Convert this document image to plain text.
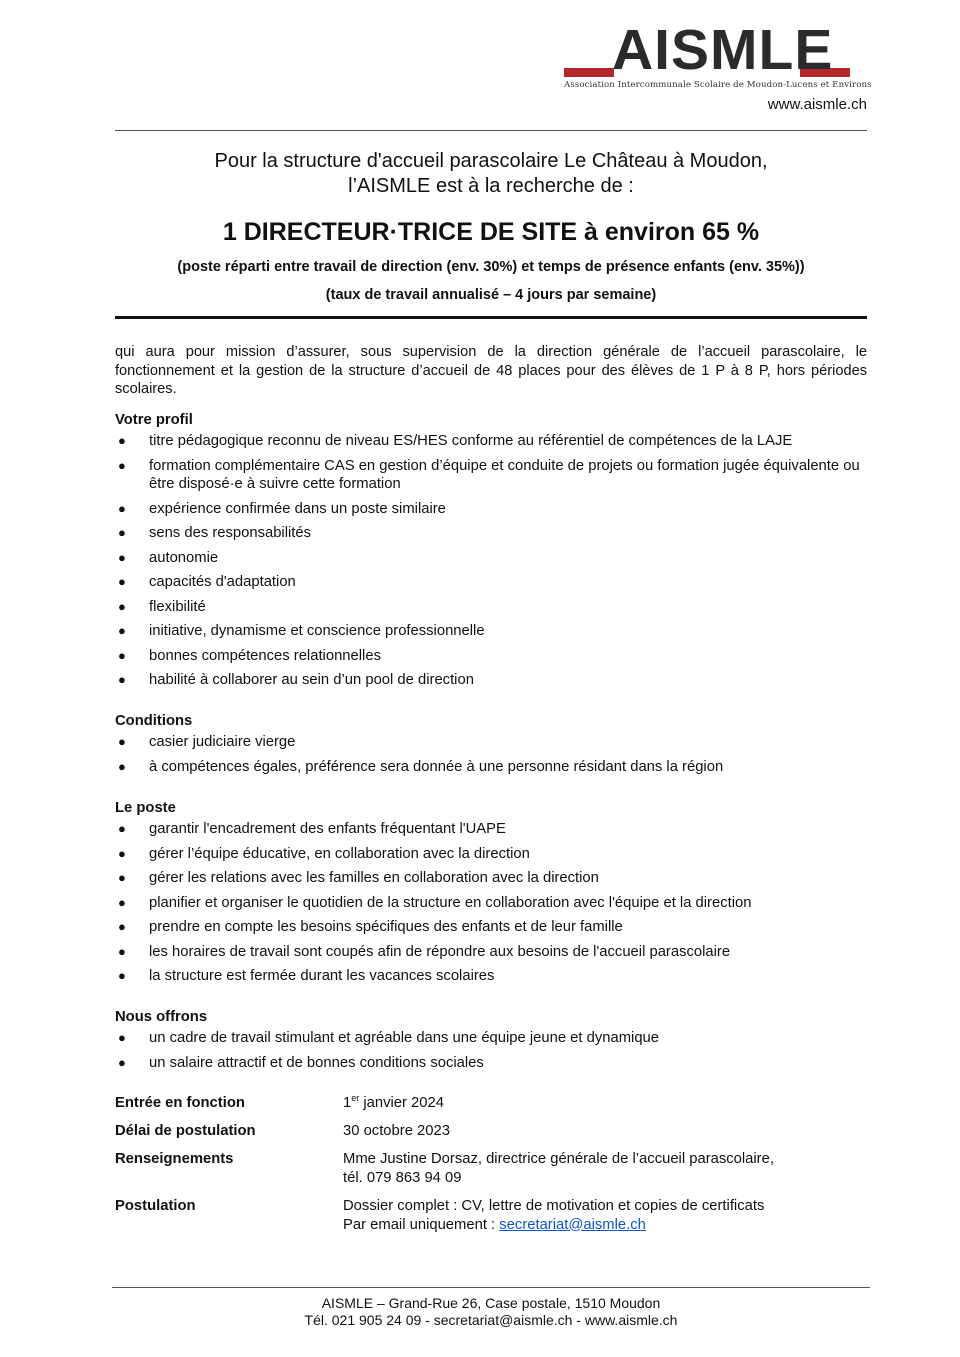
AISMLE
Association Intercommunale Scolaire de Moudon-Lucens et Environs
www.aismle.ch
Pour la structure d'accueil parascolaire Le Château à Moudon,
l’AISMLE est à la recherche de :
1 DIRECTEUR·TRICE DE SITE à environ 65 %
(poste réparti entre travail de direction (env. 30%) et temps de présence enfants (env. 35%))
(taux de travail annualisé – 4 jours par semaine)
qui aura pour mission d’assurer, sous supervision de la direction générale de l’accueil parascolaire, le fonctionnement et la gestion de la structure d’accueil de 48 places pour des élèves de 1 P à 8 P, hors périodes scolaires.
Votre profil
● titre pédagogique reconnu de niveau ES/HES conforme au référentiel de compétences de la LAJE
● formation complémentaire CAS en gestion d’équipe et conduite de projets ou formation jugée équivalente ou être disposé·e à suivre cette formation
● expérience confirmée dans un poste similaire
● sens des responsabilités
● autonomie
● capacités d'adaptation
● flexibilité
● initiative, dynamisme et conscience professionnelle
● bonnes compétences relationnelles
● habilité à collaborer au sein d’un pool de direction
Conditions
● casier judiciaire vierge
● à compétences égales, préférence sera donnée à une personne résidant dans la région
Le poste
● garantir l'encadrement des enfants fréquentant l'UAPE
● gérer l’équipe éducative, en collaboration avec la direction
● gérer les relations avec les familles en collaboration avec la direction
● planifier et organiser le quotidien de la structure en collaboration avec l'équipe et la direction
● prendre en compte les besoins spécifiques des enfants et de leur famille
● les horaires de travail sont coupés afin de répondre aux besoins de l'accueil parascolaire
● la structure est fermée durant les vacances scolaires
Nous offrons
● un cadre de travail stimulant et agréable dans une équipe jeune et dynamique
● un salaire attractif et de bonnes conditions sociales
Entrée en fonction	1er janvier 2024
Délai de postulation	30 octobre 2023
Renseignements	Mme Justine Dorsaz, directrice générale de l’accueil parascolaire,
tél. 079 863 94 09
Postulation	Dossier complet : CV, lettre de motivation et copies de certificats
Par email uniquement : secretariat@aismle.ch
AISMLE – Grand-Rue 26, Case postale, 1510 Moudon
Tél. 021 905 24 09 - secretariat@aismle.ch - www.aismle.ch
